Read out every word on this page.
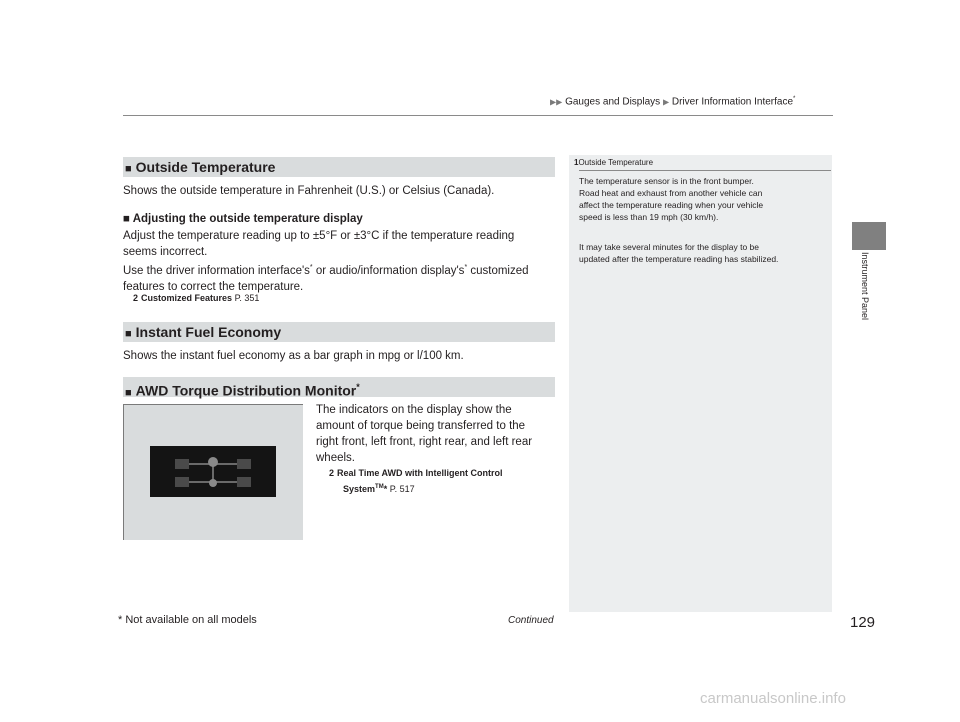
▶▶ Gauges and Displays ▶ Driver Information Interface*
Instrument Panel
■ Outside Temperature
Shows the outside temperature in Fahrenheit (U.S.) or Celsius (Canada).
■ Adjusting the outside temperature display
Adjust the temperature reading up to ±5°F or ±3°C if the temperature reading
seems incorrect.
Use the driver information interface's* or audio/information display's* customized
features to correct the temperature.
2 Customized Features P. 351
■ Instant Fuel Economy
Shows the instant fuel economy as a bar graph in mpg or l/100 km.
■ AWD Torque Distribution Monitor*
The indicators on the display show the
amount of torque being transferred to the
right front, left front, right rear, and left rear
wheels.
2 Real Time AWD with Intelligent Control
System™* P. 517
1Outside Temperature
The temperature sensor is in the front bumper.
Road heat and exhaust from another vehicle can
affect the temperature reading when your vehicle
speed is less than 19 mph (30 km/h).
It may take several minutes for the display to be
updated after the temperature reading has stabilized.
* Not available on all models	Continued	129
carmanualsonline.info
